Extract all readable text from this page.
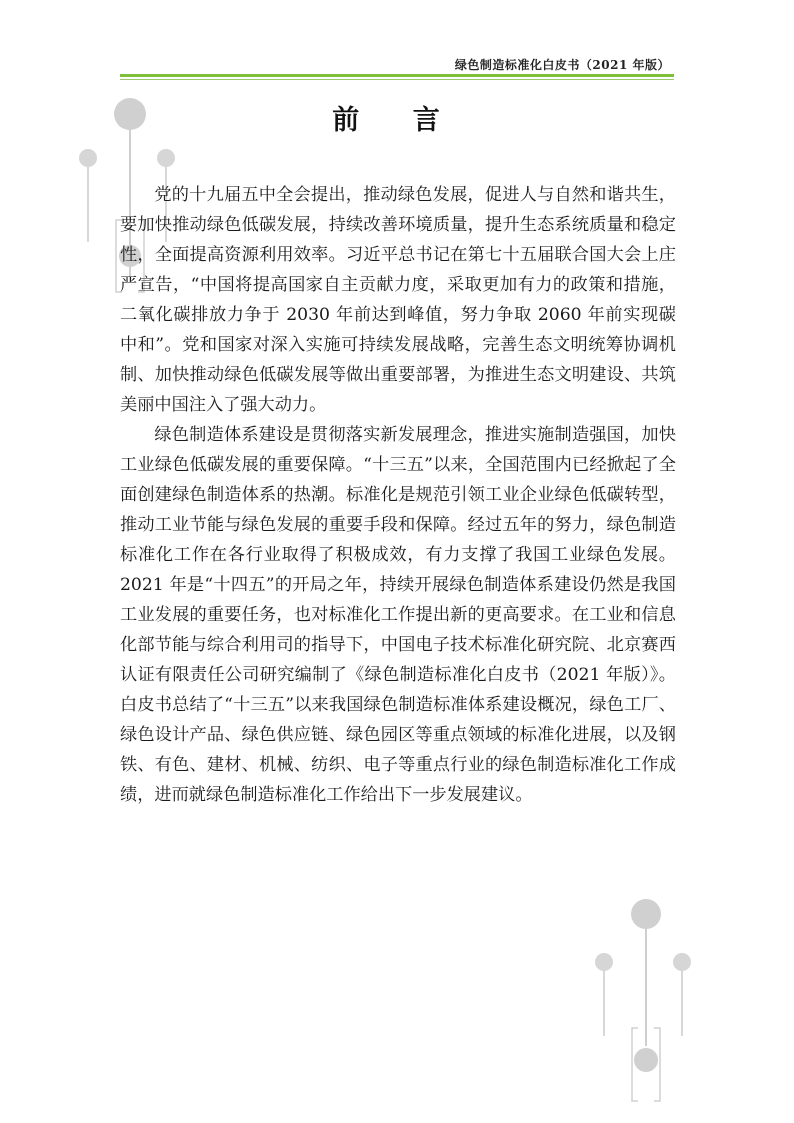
绿色制造标准化白皮书（2021 年版）
前 言

党的十九届五中全会提出，推动绿色发展，促进人与自然和谐共生，要加快推动绿色低碳发展，持续改善环境质量，提升生态系统质量和稳定性，全面提高资源利用效率。习近平总书记在第七十五届联合国大会上庄严宣告，“中国将提高国家自主贡献力度，采取更加有力的政策和措施，二氧化碳排放力争于 2030 年前达到峰值，努力争取 2060 年前实现碳中和”。党和国家对深入实施可持续发展战略，完善生态文明统筹协调机制、加快推动绿色低碳发展等做出重要部署，为推进生态文明建设、共筑美丽中国注入了强大动力。

绿色制造体系建设是贯彻落实新发展理念，推进实施制造强国，加快工业绿色低碳发展的重要保障。“十三五”以来，全国范围内已经掀起了全面创建绿色制造体系的热潮。标准化是规范引领工业企业绿色低碳转型，推动工业节能与绿色发展的重要手段和保障。经过五年的努力，绿色制造标准化工作在各行业取得了积极成效，有力支撑了我国工业绿色发展。2021 年是“十四五”的开局之年，持续开展绿色制造体系建设仍然是我国工业发展的重要任务，也对标准化工作提出新的更高要求。在工业和信息化部节能与综合利用司的指导下，中国电子技术标准化研究院、北京赛西认证有限责任公司研究编制了《绿色制造标准化白皮书（2021 年版）》。白皮书总结了“十三五”以来我国绿色制造标准体系建设概况，绿色工厂、绿色设计产品、绿色供应链、绿色园区等重点领域的标准化进展，以及钢铁、有色、建材、机械、纺织、电子等重点行业的绿色制造标准化工作成绩，进而就绿色制造标准化工作给出下一步发展建议。
